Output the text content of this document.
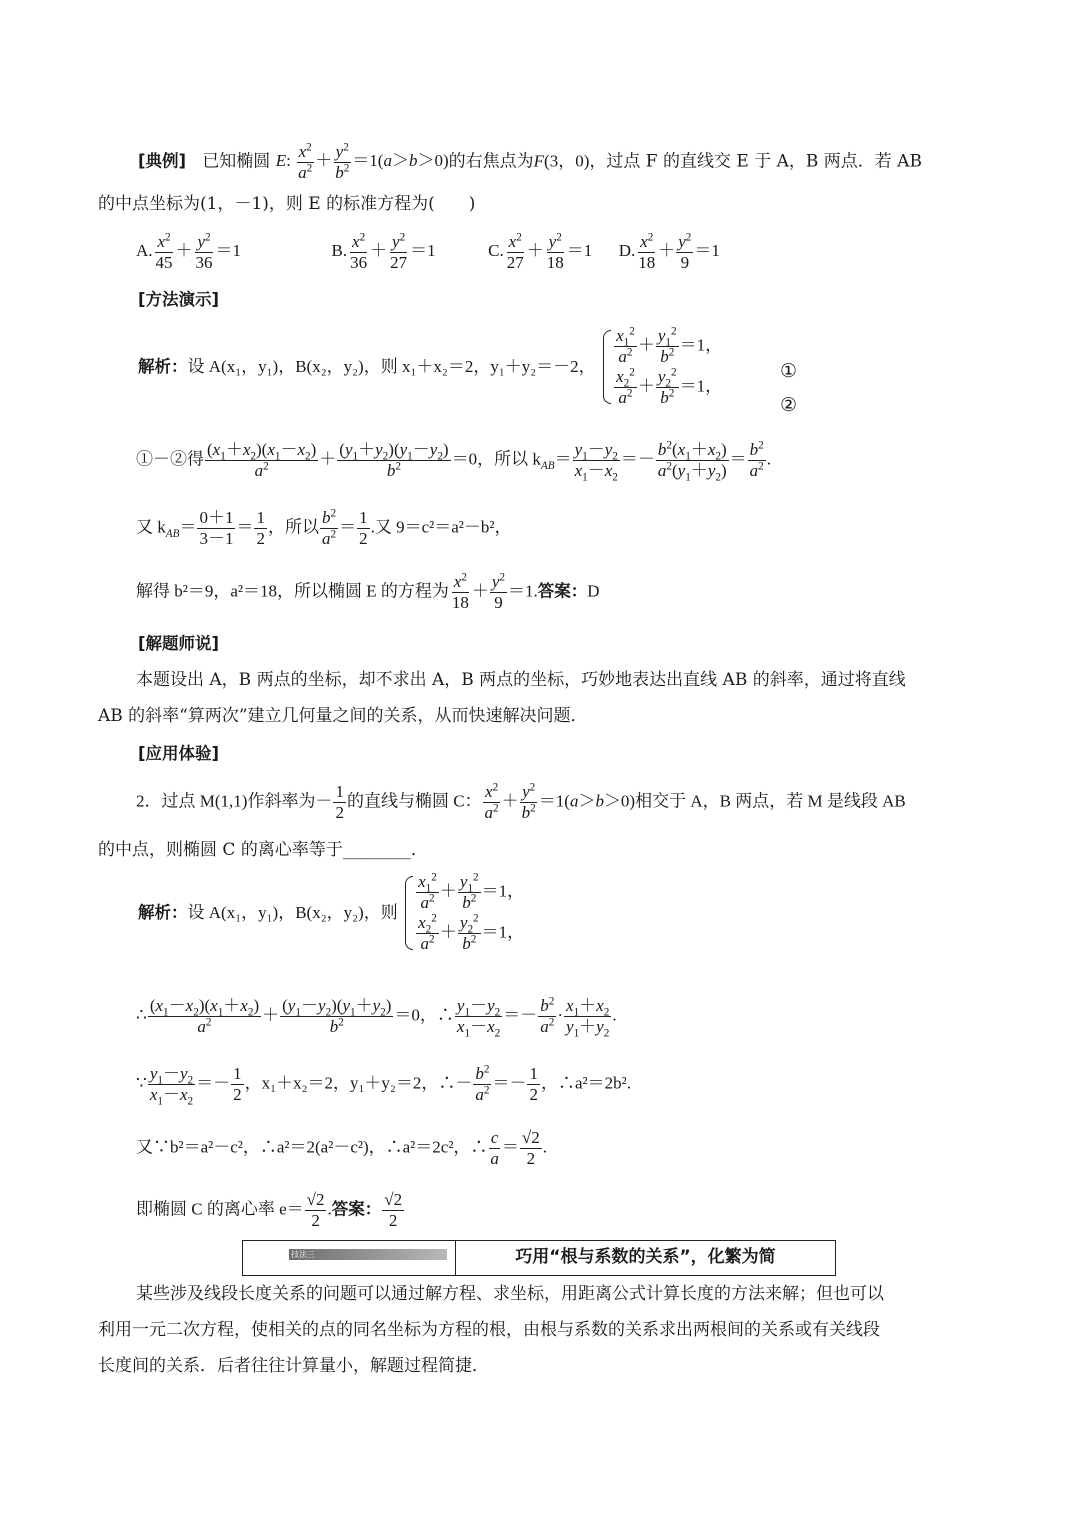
[典例] 已知椭圆 E: $\frac{x^2}{a^2} + \frac{y^2}{b^2} =1(a>b>0)$的右焦点为F(3，0)，过点 F 的直线交 E 于 A，B 两点．若 AB
的中点坐标为(1，－1)，则 E 的标准方程为(　　)
A. $\frac{x^2}{45} + \frac{y^2}{36} =1$	B. $\frac{x^2}{36} + \frac{y^2}{27} =1$	C. $\frac{x^2}{27} + \frac{y^2}{18} =1$ D. $\frac{x^2}{18} + \frac{y^2}{9} =1$
[方法演示]
解析：设 A(x₁，y₁)，B(x₂，y₂)，则 x₁＋x₂＝2，y₁＋y₂＝－2， $\frac{x_1^2}{a^2} + \frac{y_1^2}{b^2} =1$，
$\frac{x_2^2}{a^2} + \frac{y_2^2}{b^2} =1$，
①
②
①－②得 $\frac{(x_1+x_2)(x_1-x_2)}{a^2} + \frac{(y_1+y_2)(y_1-y_2)}{b^2} =0$，所以 $k_{AB}= \frac{y_1-y_2}{x_1-x_2} =- \frac{b^2(x_1+x_2)}{a^2(y_1+y_2)} = \frac{b^2}{a^2}$ .
又 $k_{AB}= \frac{0+1}{3-1} = \frac{1}{2}$ ，所以 $\frac{b^2}{a^2} = \frac{1}{2}$ .又 9＝c²＝a²－b²，
解得 b²＝9，a²＝18，所以椭圆 E 的方程为 $\frac{x^2}{18} + \frac{y^2}{9} =1$.答案：D
[解题师说]
本题设出 A，B 两点的坐标，却不求出 A，B 两点的坐标，巧妙地表达出直线 AB 的斜率，通过将直线
AB 的斜率“算两次”建立几何量之间的关系，从而快速解决问题．
[应用体验]
2．过点 M(1,1)作斜率为－ $\frac{1}{2}$ 的直线与椭圆 C： $\frac{x^2}{a^2} + \frac{y^2}{b^2} =1(a>b>0)$相交于 A，B 两点，若 M 是线段 AB
的中点，则椭圆 C 的离心率等于________．
解析：设 A(x₁，y₁)，B(x₂，y₂)，则 $\frac{x_1^2}{a^2} + \frac{y_1^2}{b^2} =1$，
$\frac{x_2^2}{a^2} + \frac{y_2^2}{b^2} =1$，
∴ $\frac{(x_1-x_2)(x_1+x_2)}{a^2} + \frac{(y_1-y_2)(y_1+y_2)}{b^2} =0$，∴ $\frac{y_1-y_2}{x_1-x_2} =- \frac{b^2}{a^2} \cdot \frac{x_1+x_2}{y_1+y_2}$ .
∵ $\frac{y_1-y_2}{x_1-x_2} =- \frac{1}{2}$ ，x₁＋x₂＝2，y₁＋y₂＝2，∴－ $\frac{b^2}{a^2} =- \frac{1}{2}$ ，∴a²＝2b².
又∵b²＝a²－c²，∴a²＝2(a²－c²)，∴a²＝2c²，∴ $\frac{c}{a} = \frac{√2}{2}$ .
即椭圆 C 的离心率 $e= \frac{√2}{2}$ .答案： $\frac{√2}{2}$
技法三	巧用“根与系数的关系”，化繁为简
某些涉及线段长度关系的问题可以通过解方程、求坐标，用距离公式计算长度的方法来解；但也可以
利用一元二次方程，使相关的点的同名坐标为方程的根，由根与系数的关系求出两根间的关系或有关线段
长度间的关系．后者往往计算量小，解题过程简捷．
